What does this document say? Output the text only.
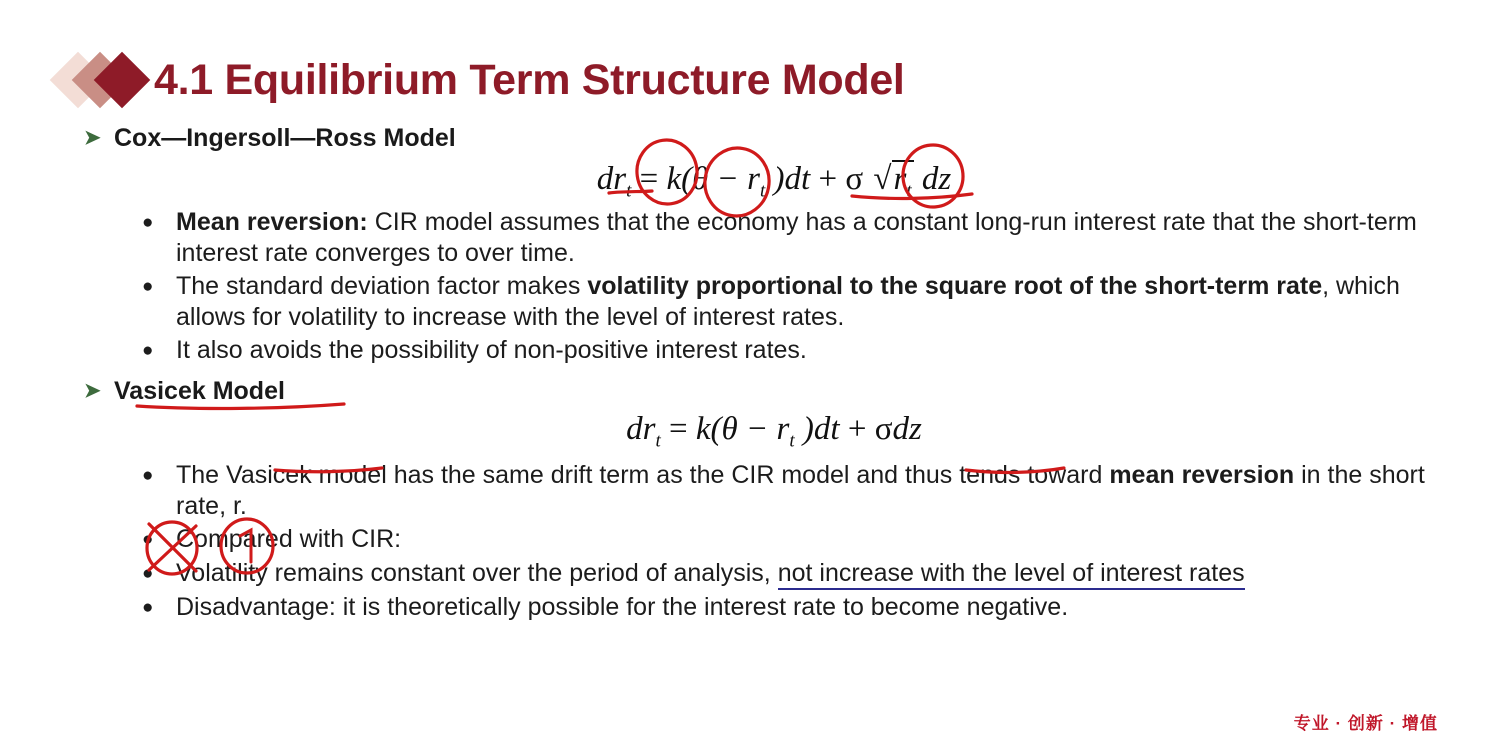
4.1 Equilibrium Term Structure Model
➤ Cox—Ingersoll—Ross Model
$dr_t = k(\theta - r_t$ )dt + σ $√r_t$ dz
● Mean reversion: CIR model assumes that the economy has a constant long-run interest rate that the short-term interest rate converges to over time.
● The standard deviation factor makes volatility proportional to the square root of the short-term rate, which allows for volatility to increase with the level of interest rates.
● It also avoids the possibility of non-positive interest rates.
➤ Vasicek Model
$dr_t = k(\theta - r_t$ )dt + σdz
● The Vasicek model has the same drift term as the CIR model and thus tends toward mean reversion in the short rate, r.
● Compared with CIR:
● Volatility remains constant over the period of analysis, not increase with the level of interest rates
● Disadvantage: it is theoretically possible for the interest rate to become negative.
专业 · 创新 · 增值
